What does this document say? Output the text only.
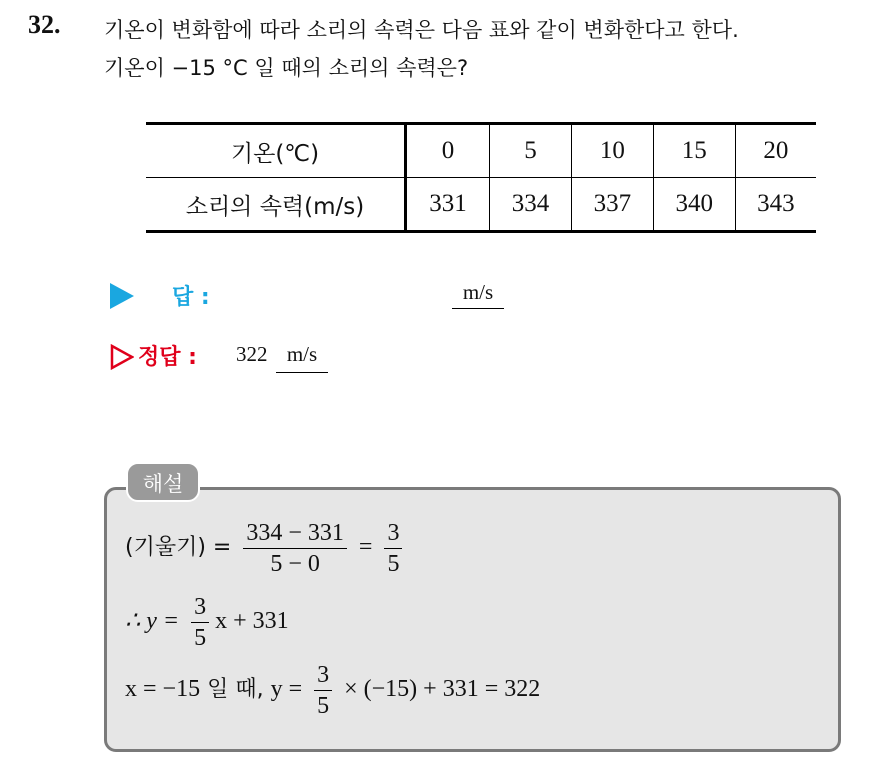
32. 기온이 변화함에 따라 소리의 속력은 다음 표와 같이 변화한다고 한다.
기온이 −15 °C 일 때의 소리의 속력은?
기온(℃)	0	5	10	15	20
소리의 속력(m/s)	331	334	337	340	343
답 :	m/s
정답 : 322 m/s
해설
(기울기) = $\frac{334 - 331}{5 - 0} = \frac{3}{5}$
∴ $y = \frac{3}{5}$ x + 331
x = −15 일 때, $y = \frac{3}{5} \times (-15) + 331 = 322$
